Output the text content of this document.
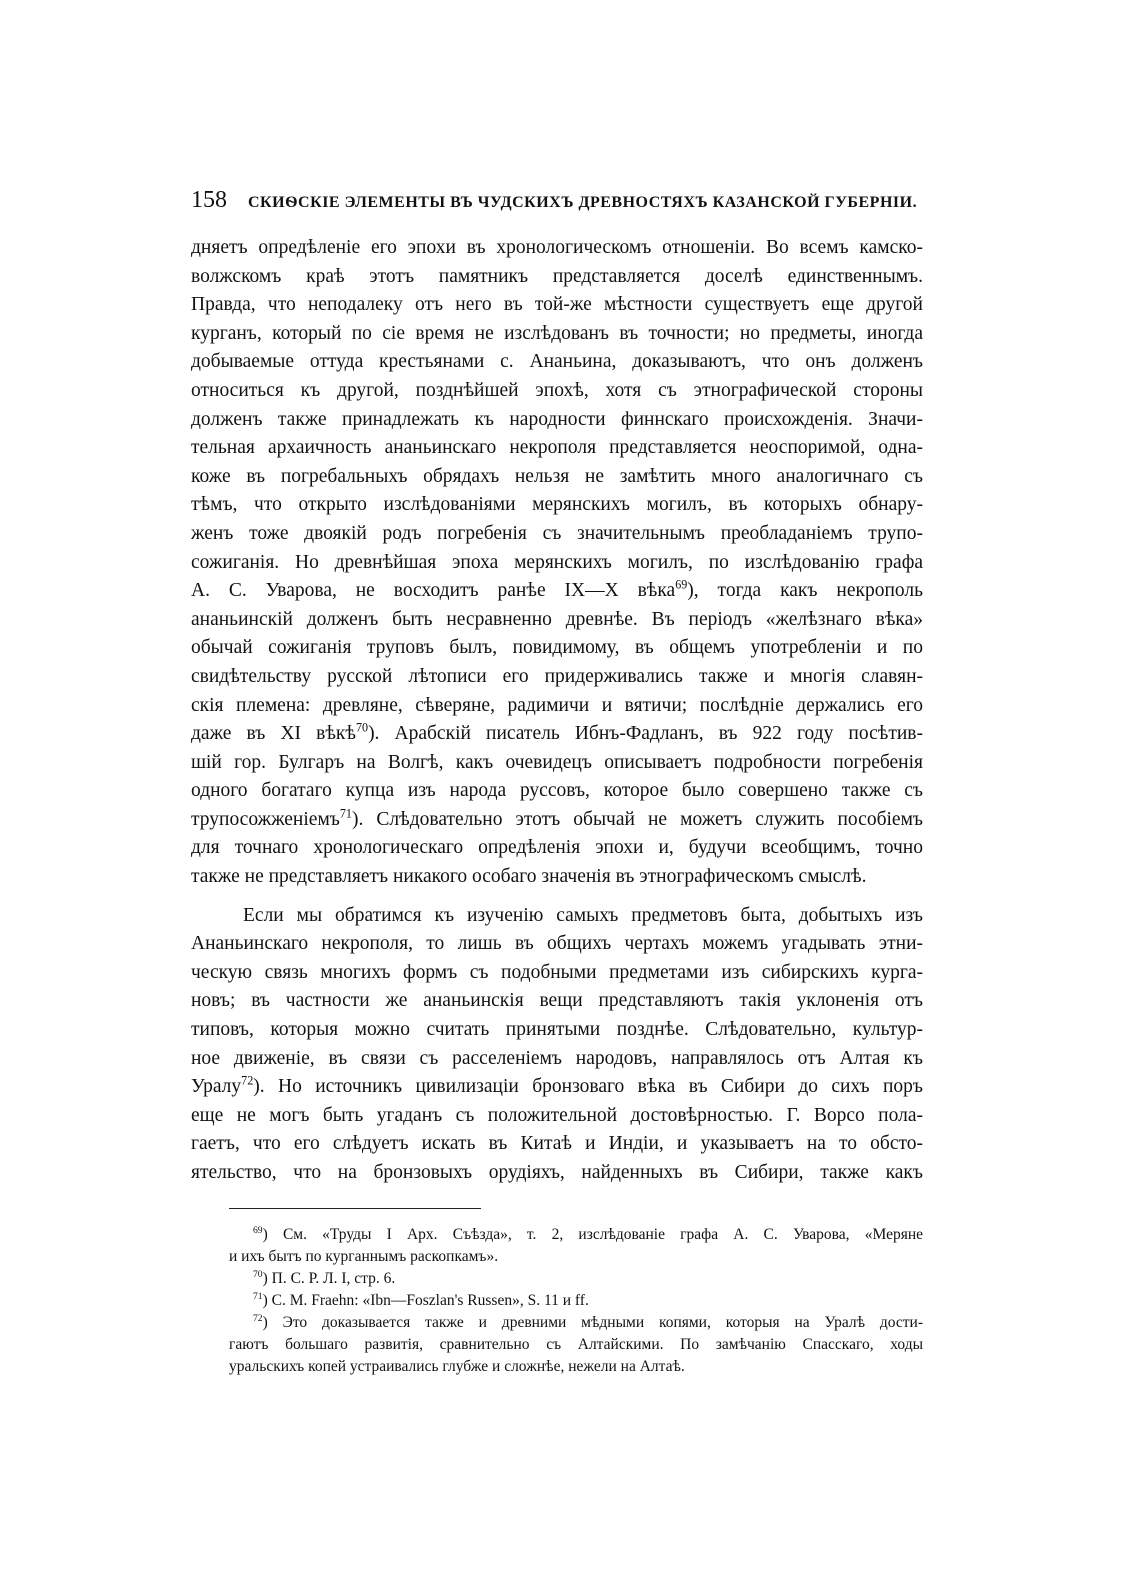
158 СКИѲСКІЕ ЭЛЕМЕНТЫ ВЪ ЧУДСКИХЪ ДРЕВНОСТЯХЪ КАЗАНСКОЙ ГУБЕРНІИ.
дняетъ опредѣленіе его эпохи въ хронологическомъ отношеніи. Во всемъ камско-
волжскомъ краѣ этотъ памятникъ представляется доселѣ единственнымъ.
Правда, что неподалеку отъ него въ той-же мѣстности существуетъ еще другой
курганъ, который по сіе время не изслѣдованъ въ точности; но предметы, иногда
добываемые оттуда крестьянами с. Ананьина, доказываютъ, что онъ долженъ
относиться къ другой, позднѣйшей эпохѣ, хотя съ этнографической стороны
долженъ также принадлежать къ народности финнскаго происхожденія. Значи-
тельная архаичность ананьинскаго некрополя представляется неоспоримой, одна-
коже въ погребальныхъ обрядахъ нельзя не замѣтить много аналогичнаго съ
тѣмъ, что открыто изслѣдованіями мерянскихъ могилъ, въ которыхъ обнару-
женъ тоже двоякій родъ погребенія съ значительнымъ преобладаніемъ трупо-
сожиганія. Но древнѣйшая эпоха мерянскихъ могилъ, по изслѣдованію графа
А. С. Уварова, не восходитъ ранѣе IX—X вѣка$^{69}$), тогда какъ некрополь
ананьинскій долженъ быть несравненно древнѣе. Въ періодъ «желѣзнаго вѣка»
обычай сожиганія труповъ былъ, повидимому, въ общемъ употребленіи и по
свидѣтельству русской лѣтописи его придерживались также и многія славян-
скія племена: древляне, сѣверяне, радимичи и вятичи; послѣдніе держались его
даже въ XI вѣкѣ$^{70}$). Арабскій писатель Ибнъ-Фадланъ, въ 922 году посѣтив-
шій гор. Булгаръ на Волгѣ, какъ очевидецъ описываетъ подробности погребенія
одного богатаго купца изъ народа руссовъ, которое было совершено также съ
трупосожженіемъ$^{71}$). Слѣдовательно этотъ обычай не можетъ служить пособіемъ
для точнаго хронологическаго опредѣленія эпохи и, будучи всеобщимъ, точно
также не представляетъ никакого особаго значенія въ этнографическомъ смыслѣ.
Если мы обратимся къ изученію самыхъ предметовъ быта, добытыхъ изъ
Ананьинскаго некрополя, то лишь въ общихъ чертахъ можемъ угадывать этни-
ческую связь многихъ формъ съ подобными предметами изъ сибирскихъ курга-
новъ; въ частности же ананьинскія вещи представляютъ такія уклоненія отъ
типовъ, которыя можно считать принятыми позднѣе. Слѣдовательно, культур-
ное движеніе, въ связи съ расселеніемъ народовъ, направлялось отъ Алтая къ
Уралу$^{72}$). Но источникъ цивилизаціи бронзоваго вѣка въ Сибири до сихъ поръ
еще не могъ быть угаданъ съ положительной достовѣрностью. Г. Ворсо пола-
гаетъ, что его слѣдуетъ искать въ Китаѣ и Индіи, и указываетъ на то обсто-
ятельство, что на бронзовыхъ орудіяхъ, найденныхъ въ Сибири, также какъ
$^{69}$) См. «Труды I Арх. Съѣзда», т. 2, изслѣдованіе графа А. С. Уварова, «Меряне
и ихъ бытъ по курганнымъ раскопкамъ».
$^{70}$) П. С. Р. Л. I, стр. 6.
$^{71}$) C. M. Fraehn: «Ibn—Foszlan's Russen», S. 11 и ff.
$^{72}$) Это доказывается также и древними мѣдными копями, которыя на Уралѣ дости-
гаютъ большаго развитія, сравнительно съ Алтайскими. По замѣчанію Спасскаго, ходы
уральскихъ копей устраивались глубже и сложнѣе, нежели на Алтаѣ.
